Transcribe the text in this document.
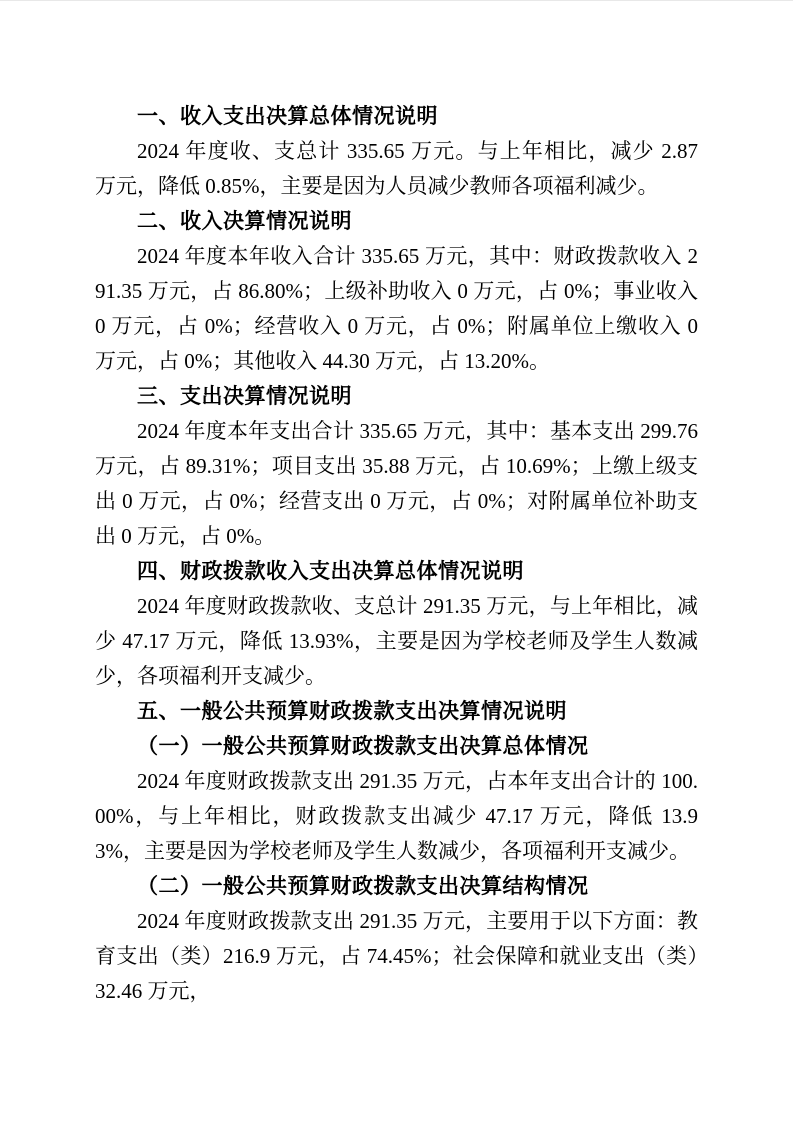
一、收入支出决算总体情况说明
2024 年度收、支总计 335.65 万元。与上年相比，减少 2.87 万元，降低 0.85%，主要是因为人员减少教师各项福利减少。
二、收入决算情况说明
2024 年度本年收入合计 335.65 万元，其中：财政拨款收入 291.35 万元，占 86.80%；上级补助收入 0 万元，占 0%；事业收入 0 万元，占 0%；经营收入 0 万元，占 0%；附属单位上缴收入 0 万元，占 0%；其他收入 44.30 万元，占 13.20%。
三、支出决算情况说明
2024 年度本年支出合计 335.65 万元，其中：基本支出 299.76 万元，占 89.31%；项目支出 35.88 万元，占 10.69%；上缴上级支出 0 万元，占 0%；经营支出 0 万元，占 0%；对附属单位补助支出 0 万元，占 0%。
四、财政拨款收入支出决算总体情况说明
2024 年度财政拨款收、支总计 291.35 万元，与上年相比，减少 47.17 万元，降低 13.93%，主要是因为学校老师及学生人数减少，各项福利开支减少。
五、一般公共预算财政拨款支出决算情况说明
（一）一般公共预算财政拨款支出决算总体情况
2024 年度财政拨款支出 291.35 万元，占本年支出合计的 100.00%，与上年相比，财政拨款支出减少 47.17 万元，降低 13.93%，主要是因为学校老师及学生人数减少，各项福利开支减少。
（二）一般公共预算财政拨款支出决算结构情况
2024 年度财政拨款支出 291.35 万元，主要用于以下方面：教育支出（类）216.9 万元，占 74.45%；社会保障和就业支出（类）32.46 万元，
